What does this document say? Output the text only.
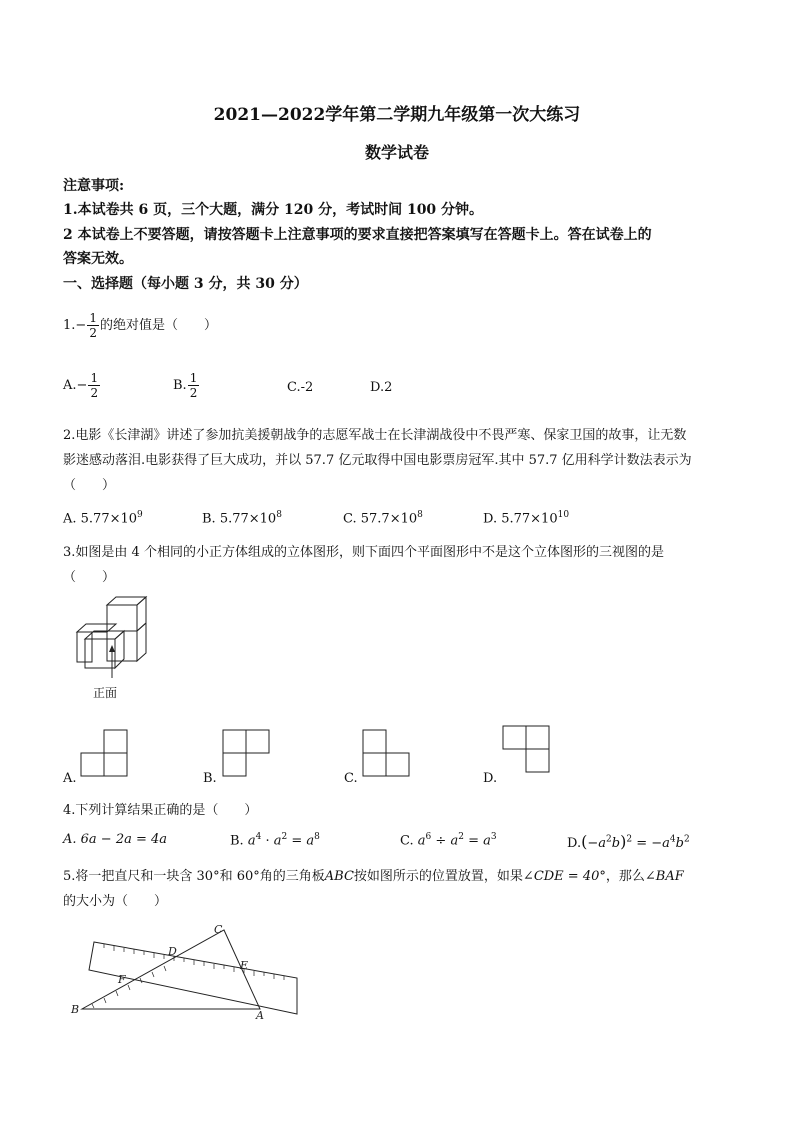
2021—2022学年第二学期九年级第一次大练习
数学试卷
注意事项:
1.本试卷共 6 页，三个大题，满分 120 分，考试时间 100 分钟。
2 本试卷上不要答题，请按答题卡上注意事项的要求直接把答案填写在答题卡上。答在试卷上的
答案无效。
一、选择题（每小题 3 分，共 30 分）
$1.- \frac{1}{2}$ 的绝对值是（　　）
$A.- \frac{1}{2}$	B. $\frac{1}{2}$	C.-2	D.2
2.电影《长津湖》讲述了参加抗美援朝战争的志愿军战士在长津湖战役中不畏严寒、保家卫国的故事，让无数
影迷感动落泪.电影获得了巨大成功，并以 57.7 亿元取得中国电影票房冠军.其中 57.7 亿用科学计数法表示为
（　　）
A. $5.77\times 10^9$	B. $5.77\times 10^8$	C. $57.7\times 10^8$	D. $5.77\times 10^{10}$
3.如图是由 4 个相同的小正方体组成的立体图形，则下面四个平面图形中不是这个立体图形的三视图的是
（　　）
正面
A.	B.	C.	D.
4.下列计算结果正确的是（　　）
A. 6a − 2a = 4a	B. $a^4 \cdot a^2 = a^8$	C. $a^6 \div a^2 = a^3$	$D.(-a^2b)^2 = -a^4b^2$
5.将一把直尺和一块含 30°和 60°角的三角板ABC按如图所示的位置放置，如果∠CDE = 40°，那么∠BAF
的大小为（　　）
C
D
E
F
B	A
